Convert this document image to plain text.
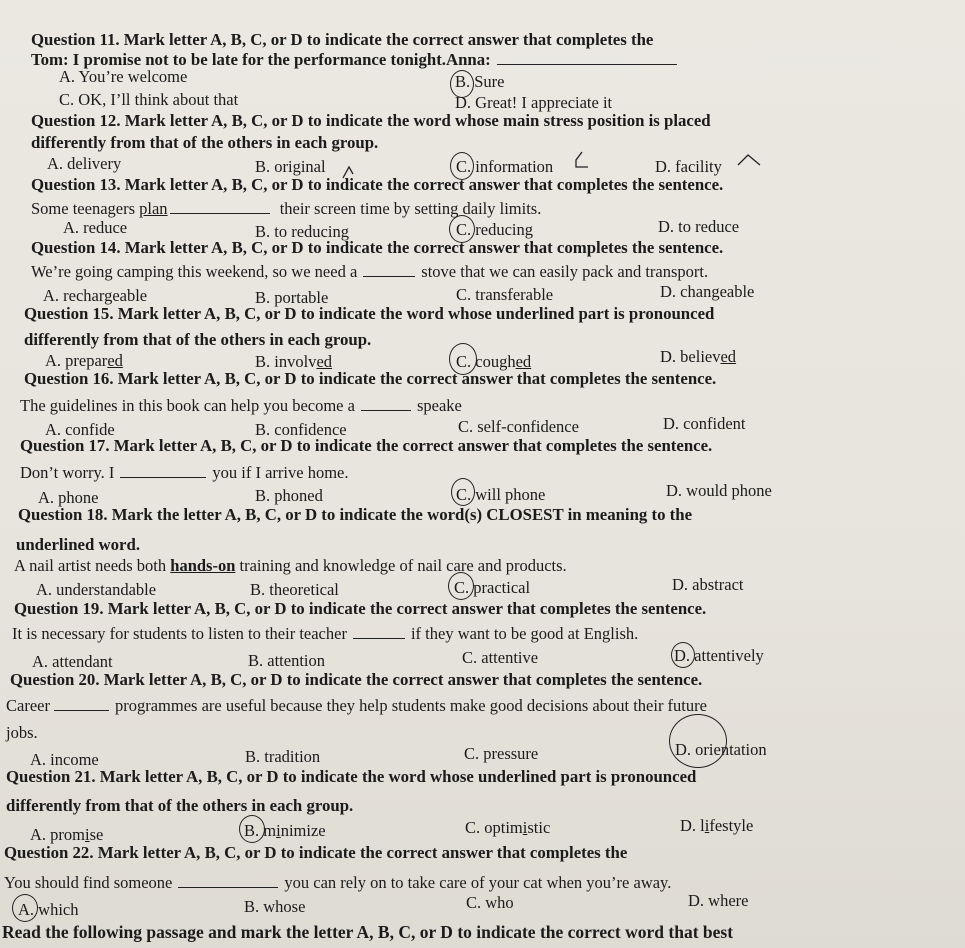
Question 11. Mark letter A, B, C, or D to indicate the correct answer that completes the
Tom: I promise not to be late for the performance tonight.Anna:
A. You’re welcome	B. Sure
C. OK, I’ll think about that	D. Great! I appreciate it
Question 12. Mark letter A, B, C, or D to indicate the word whose main stress position is placed
differently from that of the others in each group.
A. delivery	B. original	C. information	D. facility
Question 13. Mark letter A, B, C, or D to indicate the correct answer that completes the sentence.
Some teenagers plan	their screen time by setting daily limits.
A. reduce	B. to reducing	C. reducing	D. to reduce
Question 14. Mark letter A, B, C, or D to indicate the correct answer that completes the sentence.
We’re going camping this weekend, so we need a	stove that we can easily pack and transport.
A. rechargeable	B. portable	C. transferable	D. changeable
Question 15. Mark letter A, B, C, or D to indicate the word whose underlined part is pronounced
differently from that of the others in each group.
A. prepared	B. involved	C. coughed	D. believed
Question 16. Mark letter A, B, C, or D to indicate the correct answer that completes the sentence.
The guidelines in this book can help you become a	speake
A. confide	B. confidence	C. self-confidence	D. confident
Question 17. Mark letter A, B, C, or D to indicate the correct answer that completes the sentence.
Don’t worry. I	you if I arrive home.
A. phone	B. phoned	C. will phone	D. would phone
Question 18. Mark the letter A, B, C, or D to indicate the word(s) CLOSEST in meaning to the
underlined word.
A nail artist needs both hands-on training and knowledge of nail care and products.
A. understandable	B. theoretical	C. practical	D. abstract
Question 19. Mark letter A, B, C, or D to indicate the correct answer that completes the sentence.
It is necessary for students to listen to their teacher	if they want to be good at English.
A. attendant	B. attention	C. attentive	D. attentively
Question 20. Mark letter A, B, C, or D to indicate the correct answer that completes the sentence.
Career	programmes are useful because they help students make good decisions about their future
jobs.
A. income	B. tradition	C. pressure	D. orientation
Question 21. Mark letter A, B, C, or D to indicate the word whose underlined part is pronounced
differently from that of the others in each group.
A. promise	B. minimize	C. optimistic	D. lifestyle
Question 22. Mark letter A, B, C, or D to indicate the correct answer that completes the
You should find someone	you can rely on to take care of your cat when you’re away.
A. which	B. whose	C. who	D. where
Read the following passage and mark the letter A, B, C, or D to indicate the correct word that best
